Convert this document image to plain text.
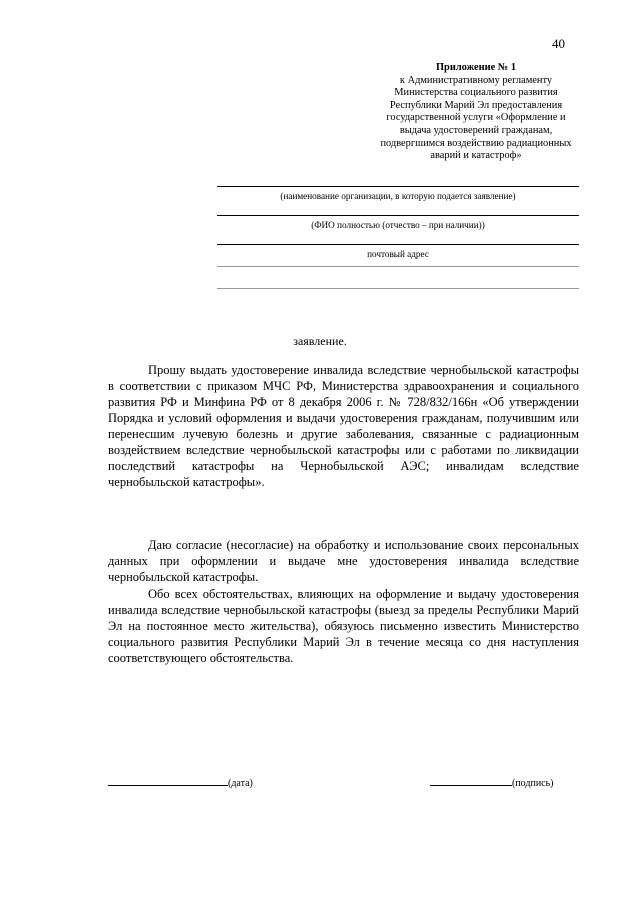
40
Приложение № 1
к Административному регламенту
Министерства социального развития
Республики Марий Эл предоставления
государственной услуги «Оформление и
выдача удостоверений гражданам,
подвергшимся воздействию радиационных
аварий и катастроф»
(наименование организации, в которую подается заявление)
(ФИО полностью (отчество – при наличии))
почтовый адрес
заявление.

Прошу выдать удостоверение инвалида вследствие чернобыльской катастрофы в соответствии с приказом МЧС РФ, Министерства здравоохранения и социального развития РФ и Минфина РФ от 8 декабря 2006 г. № 728/832/166н «Об утверждении Порядка и условий оформления и выдачи удостоверения гражданам, получившим или перенесшим лучевую болезнь и другие заболевания, связанные с радиационным воздействием вследствие чернобыльской катастрофы или с работами по ликвидации последствий катастрофы на Чернобыльской АЭС; инвалидам вследствие чернобыльской катастрофы».

Даю согласие (несогласие) на обработку и использование своих персональных данных при оформлении и выдаче мне удостоверения инвалида вследствие чернобыльской катастрофы.

Обо всех обстоятельствах, влияющих на оформление и выдачу удостоверения инвалида вследствие чернобыльской катастрофы (выезд за пределы Республики Марий Эл на постоянное место жительства), обязуюсь письменно известить Министерство социального развития Республики Марий Эл в течение месяца со дня наступления соответствующего обстоятельства.

(дата)	(подпись)
